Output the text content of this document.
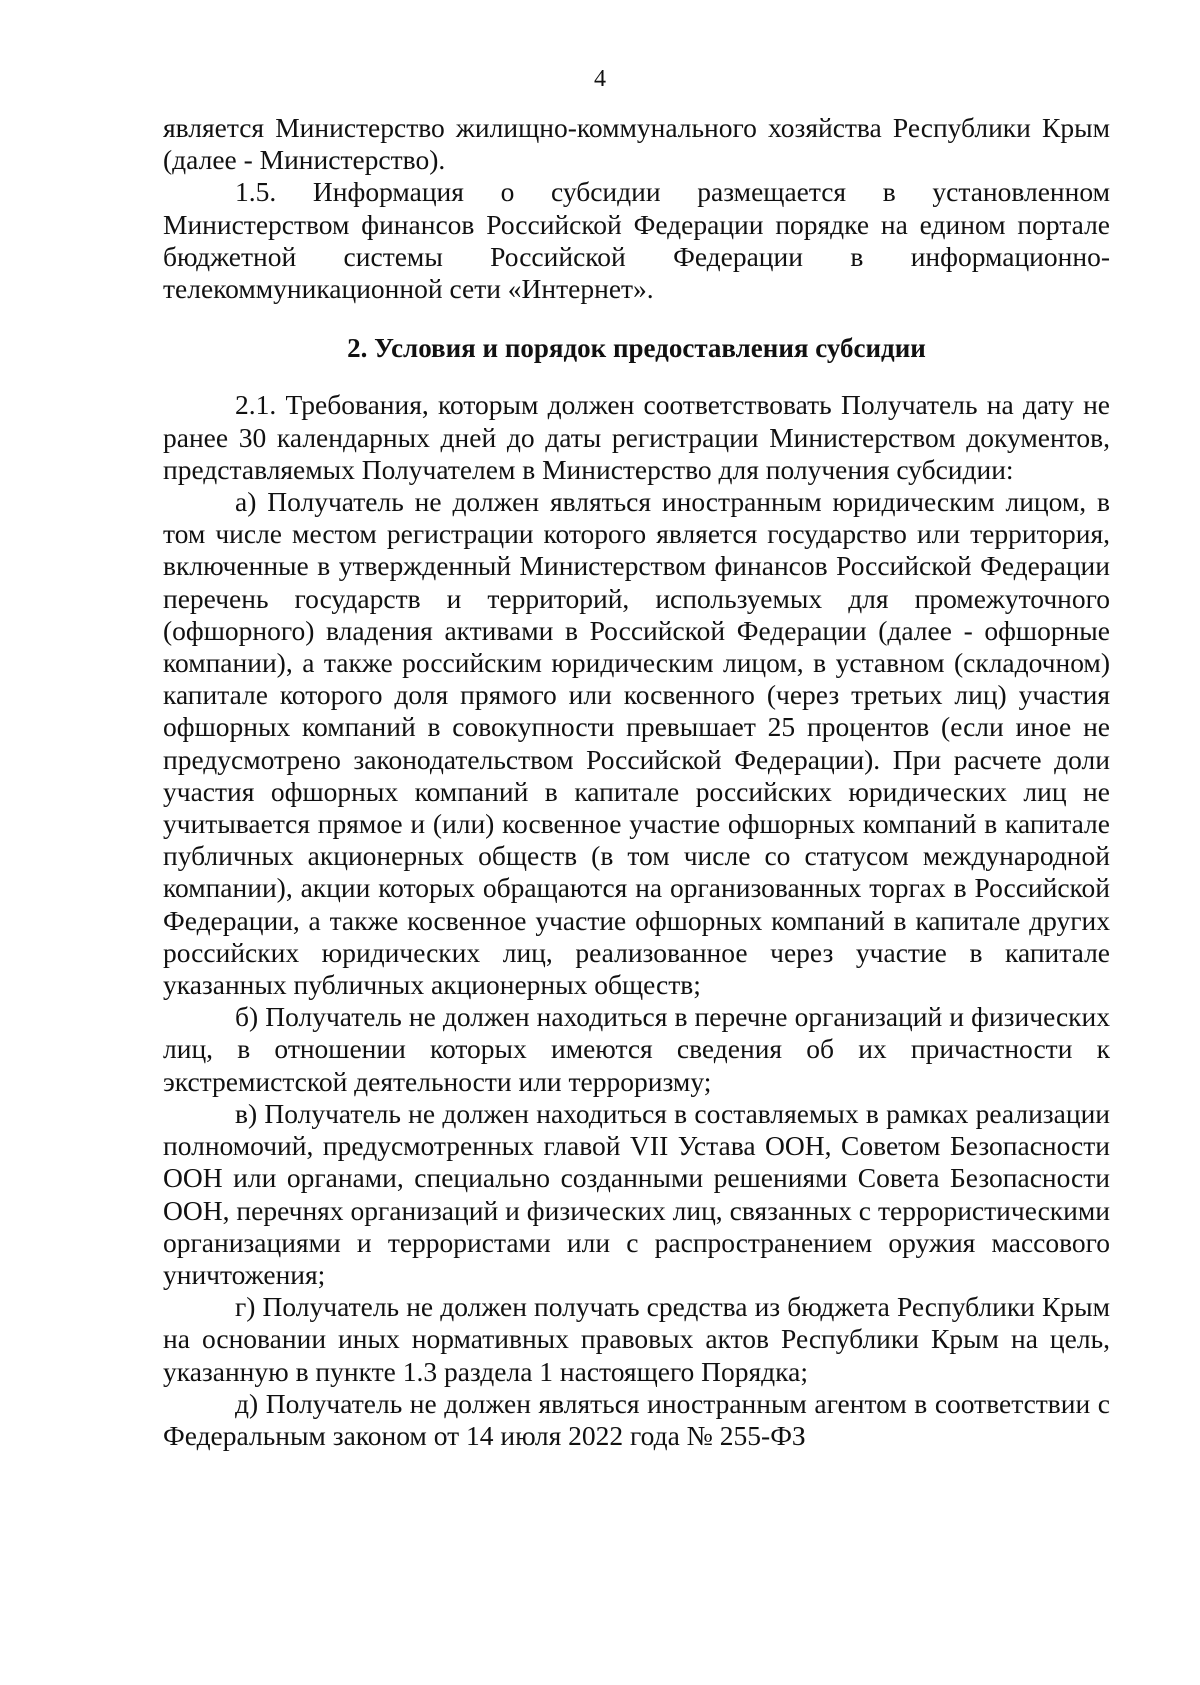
4

является Министерство жилищно-коммунального хозяйства Республики Крым (далее - Министерство).

1.5. Информация о субсидии размещается в установленном Министерством финансов Российской Федерации порядке на едином портале бюджетной системы Российской Федерации в информационно-телекоммуникационной сети «Интернет».

2. Условия и порядок предоставления субсидии

2.1. Требования, которым должен соответствовать Получатель на дату не ранее 30 календарных дней до даты регистрации Министерством документов, представляемых Получателем в Министерство для получения субсидии:

а) Получатель не должен являться иностранным юридическим лицом, в том числе местом регистрации которого является государство или территория, включенные в утвержденный Министерством финансов Российской Федерации перечень государств и территорий, используемых для промежуточного (офшорного) владения активами в Российской Федерации (далее - офшорные компании), а также российским юридическим лицом, в уставном (складочном) капитале которого доля прямого или косвенного (через третьих лиц) участия офшорных компаний в совокупности превышает 25 процентов (если иное не предусмотрено законодательством Российской Федерации). При расчете доли участия офшорных компаний в капитале российских юридических лиц не учитывается прямое и (или) косвенное участие офшорных компаний в капитале публичных акционерных обществ (в том числе со статусом международной компании), акции которых обращаются на организованных торгах в Российской Федерации, а также косвенное участие офшорных компаний в капитале других российских юридических лиц, реализованное через участие в капитале указанных публичных акционерных обществ;

б) Получатель не должен находиться в перечне организаций и физических лиц, в отношении которых имеются сведения об их причастности к экстремистской деятельности или терроризму;

в) Получатель не должен находиться в составляемых в рамках реализации полномочий, предусмотренных главой VII Устава ООН, Советом Безопасности ООН или органами, специально созданными решениями Совета Безопасности ООН, перечнях организаций и физических лиц, связанных с террористическими организациями и террористами или с распространением оружия массового уничтожения;

г) Получатель не должен получать средства из бюджета Республики Крым на основании иных нормативных правовых актов Республики Крым на цель, указанную в пункте 1.3 раздела 1 настоящего Порядка;

д) Получатель не должен являться иностранным агентом в соответствии с Федеральным законом от 14 июля 2022 года № 255-ФЗ
